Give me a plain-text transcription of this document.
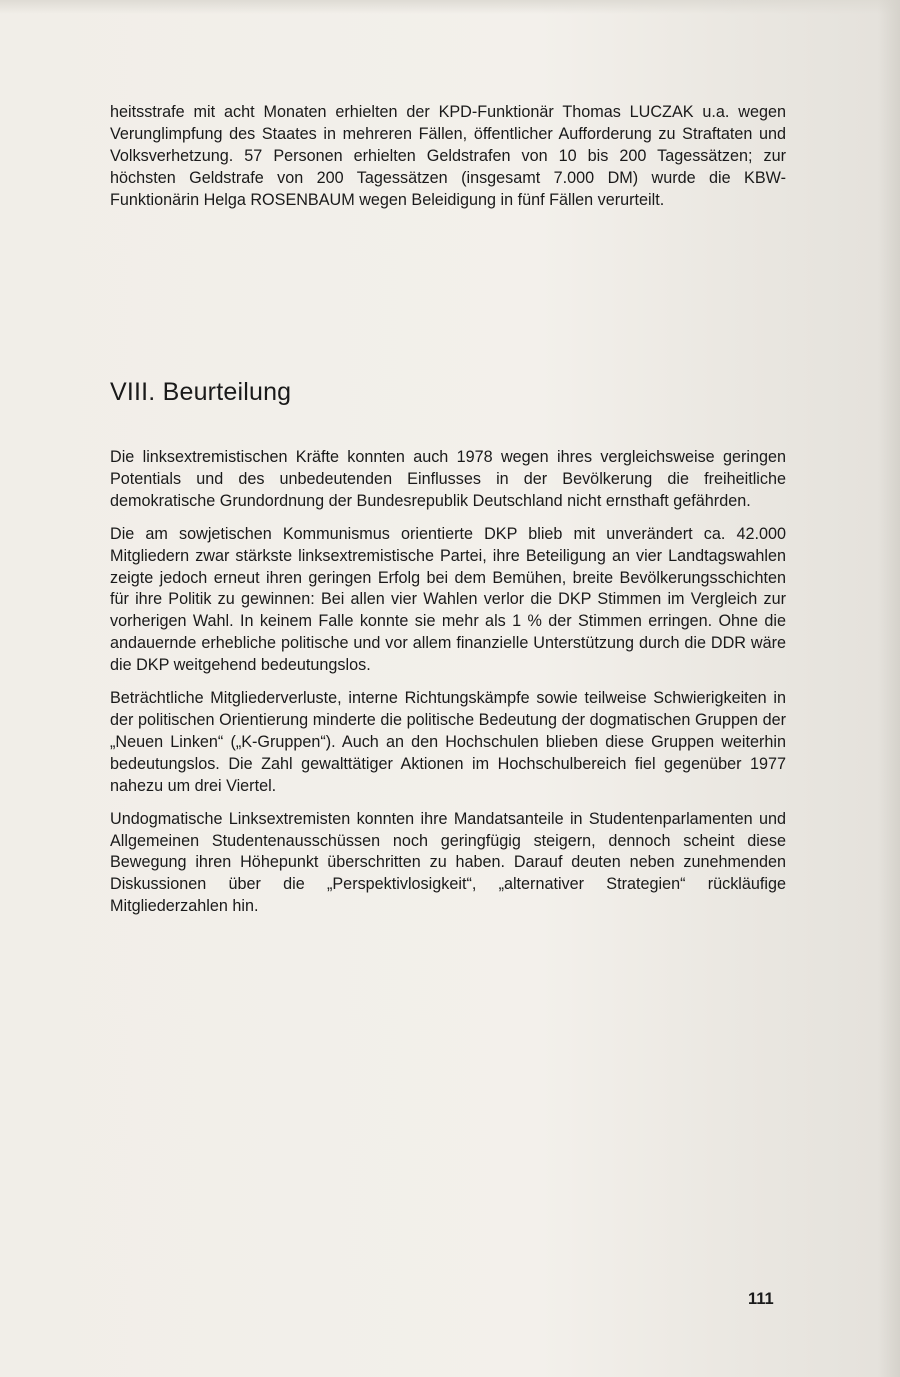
heitsstrafe mit acht Monaten erhielten der KPD-Funktionär Thomas LUCZAK u.a. wegen Verunglimpfung des Staates in mehreren Fällen, öffentlicher Aufforderung zu Straftaten und Volksverhetzung. 57 Personen erhielten Geldstrafen von 10 bis 200 Tagessätzen; zur höchsten Geldstrafe von 200 Tagessätzen (insgesamt 7.000 DM) wurde die KBW-Funktionärin Helga ROSENBAUM wegen Beleidigung in fünf Fällen verurteilt.

VIII. Beurteilung

Die linksextremistischen Kräfte konnten auch 1978 wegen ihres vergleichsweise geringen Potentials und des unbedeutenden Einflusses in der Bevölkerung die freiheitliche demokratische Grundordnung der Bundesrepublik Deutschland nicht ernsthaft gefährden.

Die am sowjetischen Kommunismus orientierte DKP blieb mit unverändert ca. 42.000 Mitgliedern zwar stärkste linksextremistische Partei, ihre Beteiligung an vier Landtagswahlen zeigte jedoch erneut ihren geringen Erfolg bei dem Bemühen, breite Bevölkerungsschichten für ihre Politik zu gewinnen: Bei allen vier Wahlen verlor die DKP Stimmen im Vergleich zur vorherigen Wahl. In keinem Falle konnte sie mehr als 1 % der Stimmen erringen. Ohne die andauernde erhebliche politische und vor allem finanzielle Unterstützung durch die DDR wäre die DKP weitgehend bedeutungslos.

Beträchtliche Mitgliederverluste, interne Richtungskämpfe sowie teilweise Schwierigkeiten in der politischen Orientierung minderte die politische Bedeutung der dogmatischen Gruppen der „Neuen Linken“ („K-Gruppen“). Auch an den Hochschulen blieben diese Gruppen weiterhin bedeutungslos. Die Zahl gewalttätiger Aktionen im Hochschulbereich fiel gegenüber 1977 nahezu um drei Viertel.

Undogmatische Linksextremisten konnten ihre Mandatsanteile in Studentenparlamenten und Allgemeinen Studentenausschüssen noch geringfügig steigern, dennoch scheint diese Bewegung ihren Höhepunkt überschritten zu haben. Darauf deuten neben zunehmenden Diskussionen über die „Perspektivlosigkeit“, „alternativer Strategien“ rückläufige Mitgliederzahlen hin.

111
